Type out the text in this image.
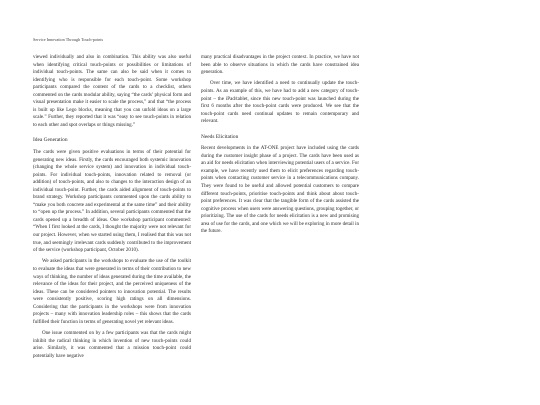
Service Innovation Through Touch-points

viewed individually and also in combination. This ability was also useful when identifying critical touch-points or possibilities or limitations of individual touch-points. The same can also be said when it comes to identifying who is responsible for each touch-point. Some workshop participants compared the content of the cards to a checklist, others commented on the cards modular ability, saying “the cards’ physical form and visual presentation make it easier to scale the process,” and that “the process is built up like Lego blocks, meaning that you can unfold ideas on a large scale.” Further, they reported that it was “easy to see touch-points in relation to each other and spot overlaps or things missing.”

Idea Generation

The cards were given positive evaluations in terms of their potential for generating new ideas. Firstly, the cards encouraged both systemic innovation (changing the whole service system) and innovation in individual touch-points. For individual touch-points, innovation related to removal (or addition) of touch-points, and also to changes to the interaction design of an individual touch-point. Further, the cards aided alignment of touch-points to brand strategy. Workshop participants commented upon the cards ability to “make you both concrete and experimental at the same time” and their ability to “open up the process.” In addition, several participants commented that the cards opened up a breadth of ideas. One workshop participant commented: “When I first looked at the cards, I thought the majority were not relevant for our project. However, when we started using them, I realised that this was not true, and seemingly irrelevant cards suddenly contributed to the improvement of the service (workshop participant, October 2010).

We asked participants in the workshops to evaluate the use of the toolkit to evaluate the ideas that were generated in terms of their contribution to new ways of thinking, the number of ideas generated during the time available, the relevance of the ideas for their project, and the perceived uniqueness of the ideas. These can be considered pointers to innovation potential. The results were consistently positive, scoring high ratings on all dimensions. Considering that the participants in the workshops were from innovation projects – many with innovation leadership roles – this shows that the cards fulfilled their function in terms of generating novel yet relevant ideas.

One issue commented on by a few participants was that the cards might inhibit the radical thinking in which invention of new touch-points could arise. Similarly, it was commented that a mission touch-point could potentially have negative

many practical disadvantages in the project context. In practice, we have not been able to observe situations in which the cards have constrained idea generation.

Over time, we have identified a need to continually update the touch-points. As an example of this, we have had to add a new category of touch-point – the iPad/tablet, since this new touch-point was launched during the first 6 months after the touch-point cards were produced. We see that the touch-point cards need continual updates to remain contemporary and relevant.

Needs Elicitation

Recent developments in the AT-ONE project have included using the cards during the customer insight phase of a project. The cards have been used as an aid for needs elicitation when interviewing potential users of a service. For example, we have recently used them to elicit preferences regarding touch-points when contacting customer service in a telecommunications company. They were found to be useful and allowed potential customers to compare different touch-points, prioritise touch-points and think about about touch-point preferences. It was clear that the tangible form of the cards assisted the cognitive process when users were answering questions, grouping together, or prioritizing. The use of the cards for needs elicitation is a new and promising area of use for the cards, and one which we will be exploring in more detail in the future.
